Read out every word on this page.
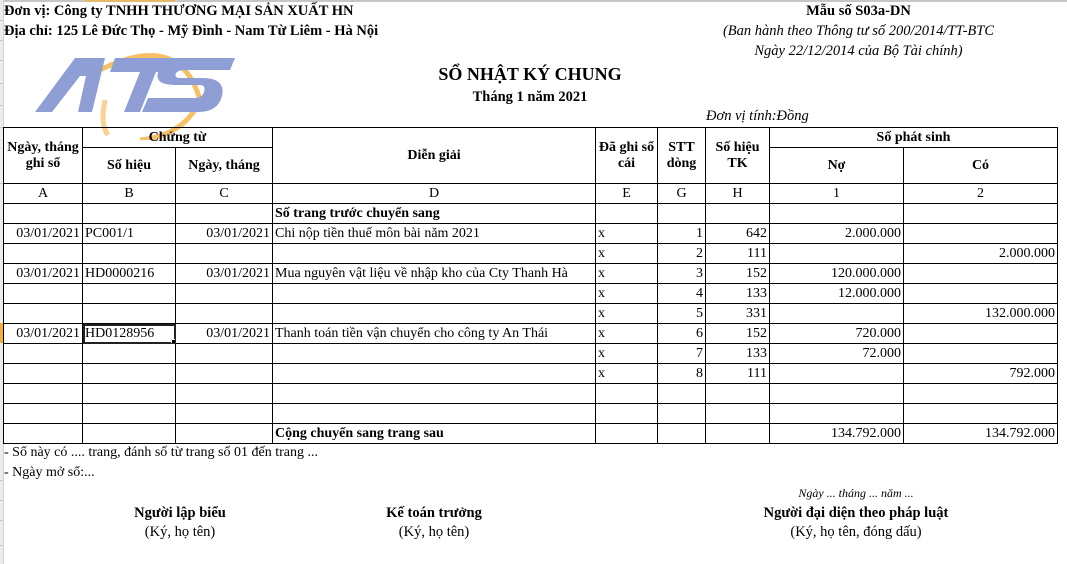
Đơn vị: Công ty TNHH THƯƠNG MẠI SẢN XUẤT HN
Địa chỉ: 125 Lê Đức Thọ - Mỹ Đình - Nam Từ Liêm - Hà Nội
Mẫu số S03a-DN
(Ban hành theo Thông tư số 200/2014/TT-BTC
Ngày 22/12/2014 của Bộ Tài chính)
SỔ NHẬT KÝ CHUNG
Tháng 1 năm 2021
Đơn vị tính:Đồng
Ngày, tháng ghi sổ	Chứng từ		Diễn giải	Đã ghi sổ cái	STT dòng	Số hiệu TK	Số phát sinh	
	Số hiệu	Ngày, tháng					Nợ	Có
A	B	C	D	E	G	H	1	2
			Số trang trước chuyển sang					
03/01/2021	PC001/1	03/01/2021	Chi nộp tiền thuế môn bài năm 2021	x	1	642	2.000.000	
				x	2	111		2.000.000
03/01/2021	HD0000216	03/01/2021	Mua nguyên vật liệu về nhập kho của Cty Thanh Hà	x	3	152	120.000.000	
				x	4	133	12.000.000	
				x	5	331		132.000.000
03/01/2021	HD0128956	03/01/2021	Thanh toán tiền vận chuyển cho công ty An Thái	x	6	152	720.000	
				x	7	133	72.000	
				x	8	111		792.000

			Cộng chuyển sang trang sau				134.792.000	134.792.000
- Sổ này có .... trang, đánh số từ trang số 01 đến trang ...
- Ngày mở sổ:...
Ngày ... tháng ... năm ...
Người lập biểu
(Ký, họ tên)
Kế toán trưởng
(Ký, họ tên)
Người đại diện theo pháp luật
(Ký, họ tên, đóng dấu)
